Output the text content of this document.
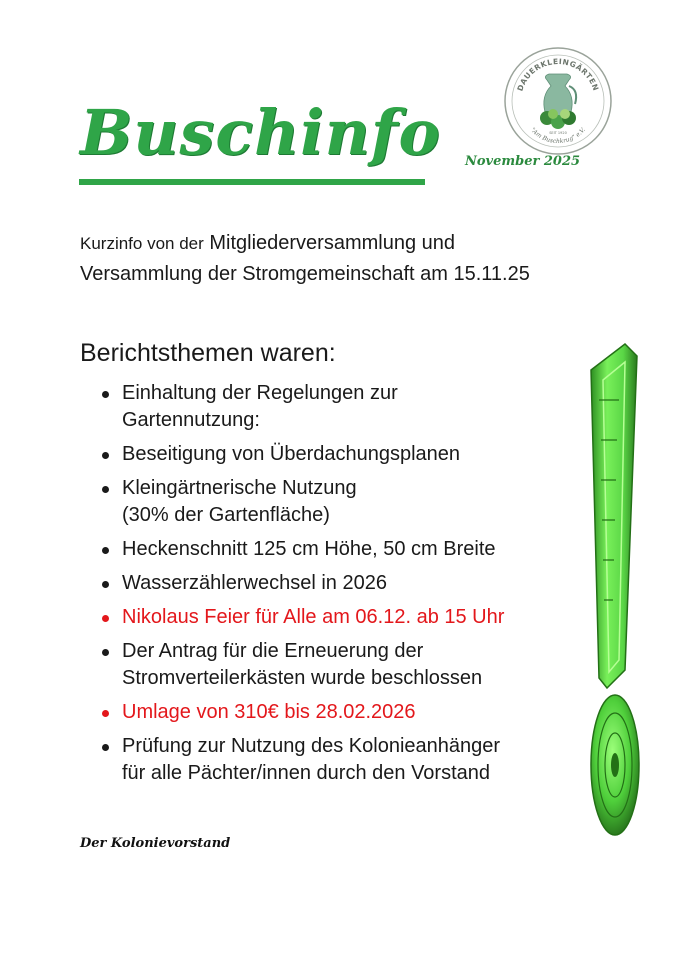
Buschinfo November 2025
DAUERKLEINGÄRTEN
"Am Buschkrug" e.V.
SEIT 1920
Kurzinfo von der Mitgliederversammlung und Versammlung der Stromgemeinschaft am 15.11.25
Berichtsthemen waren:
Einhaltung der Regelungen zur
Gartennutzung:
Beseitigung von Überdachungsplanen
Kleingärtnerische Nutzung
(30% der Gartenfläche)
Heckenschnitt 125 cm Höhe, 50 cm Breite
Wasserzählerwechsel in 2026
Nikolaus Feier für Alle am 06.12. ab 15 Uhr
Der Antrag für die Erneuerung der
Stromverteilerkästen wurde beschlossen
Umlage von 310€ bis 28.02.2026
Prüfung zur Nutzung des Kolonieanhänger
für alle Pächter/innen durch den Vorstand
Der Kolonievorstand
